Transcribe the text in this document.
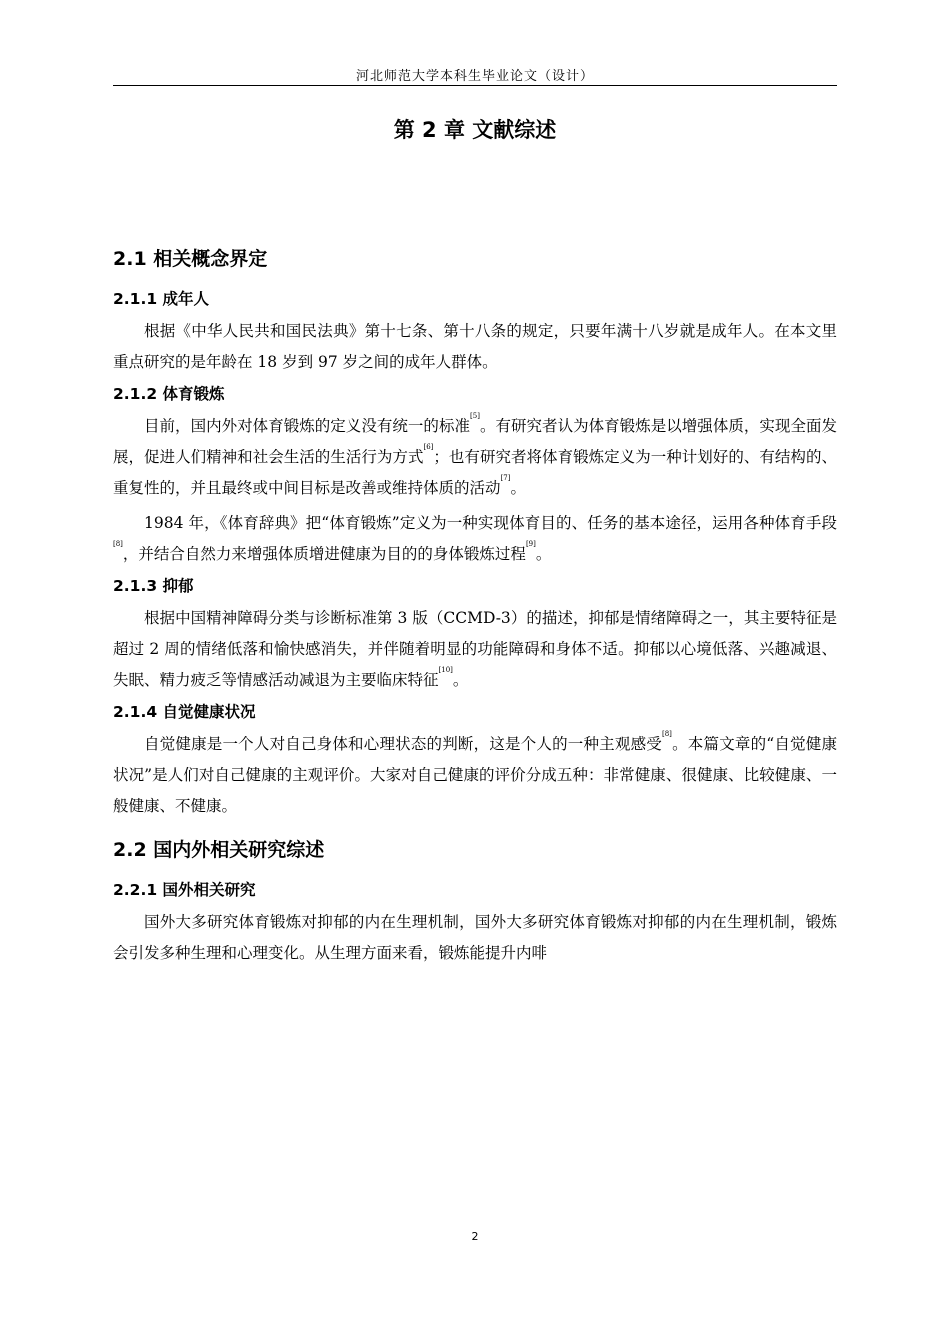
河北师范大学本科生毕业论文（设计）
第 2 章 文献综述
2.1 相关概念界定
2.1.1 成年人

根据《中华人民共和国民法典》第十七条、第十八条的规定，只要年满十八岁就是成年人。在本文里重点研究的是年龄在 18 岁到 97 岁之间的成年人群体。

2.1.2 体育锻炼

目前，国内外对体育锻炼的定义没有统一的标准[5]。有研究者认为体育锻炼是以增强体质，实现全面发展，促进人们精神和社会生活的生活行为方式[6]；也有研究者将体育锻炼定义为一种计划好的、有结构的、重复性的，并且最终或中间目标是改善或维持体质的活动[7]。

1984 年，《体育辞典》把“体育锻炼”定义为一种实现体育目的、任务的基本途径，运用各种体育手段[8]，并结合自然力来增强体质增进健康为目的的身体锻炼过程[9]。

2.1.3 抑郁

根据中国精神障碍分类与诊断标准第 3 版（CCMD-3）的描述，抑郁是情绪障碍之一，其主要特征是超过 2 周的情绪低落和愉快感消失，并伴随着明显的功能障碍和身体不适。抑郁以心境低落、兴趣减退、失眠、精力疲乏等情感活动减退为主要临床特征[10]。

2.1.4 自觉健康状况

自觉健康是一个人对自己身体和心理状态的判断，这是个人的一种主观感受[8]。本篇文章的“自觉健康状况”是人们对自己健康的主观评价。大家对自己健康的评价分成五种：非常健康、很健康、比较健康、一般健康、不健康。

2.2 国内外相关研究综述
2.2.1 国外相关研究

国外大多研究体育锻炼对抑郁的内在生理机制，国外大多研究体育锻炼对抑郁的内在生理机制，锻炼会引发多种生理和心理变化。从生理方面来看，锻炼能提升内啡

2
